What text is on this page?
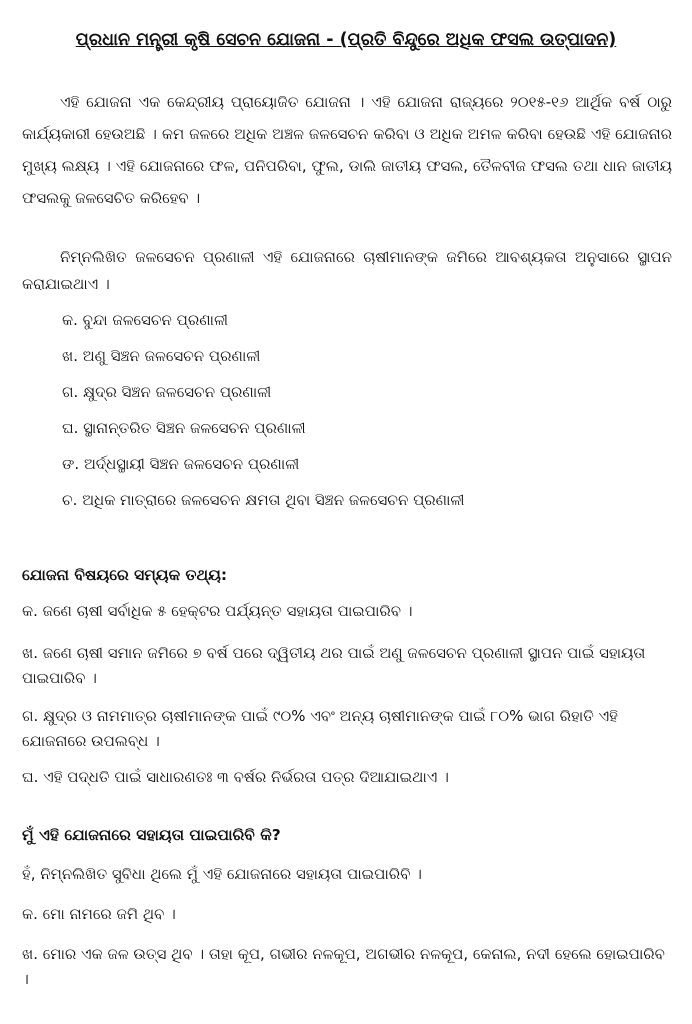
ପ୍ରଧାନ ମନ୍ତ୍ରୀ କୃଷି ସେଚନ ଯୋଜନା - (ପ୍ରତି ବିନ୍ଦୁରେ ଅଧିକ ଫସଲ ଉତ୍ପାଦନ)
ଏହି ଯୋଜନା ଏକ କେନ୍ଦ୍ରୀୟ ପ୍ରାୟୋଜିତ ଯୋଜନା । ଏହି ଯୋଜନା ରାଜ୍ୟରେ ୨୦୧୫-୧୬ ଆର୍ଥିକ ବର୍ଷ ଠାରୁ କାର୍ଯ୍ୟକାରୀ ହେଉଅଛି । କମ ଜଳରେ ଅଧିକ ଅଞ୍ଚଳ ଜଳସେଚନ କରିବା ଓ ଅଧିକ ଅମଳ କରିବା ହେଉଛି ଏହି ଯୋଜନାର ମୁଖ୍ୟ ଲକ୍ଷ୍ୟ । ଏହି ଯୋଜନାରେ ଫଳ, ପନିପରିବା, ଫୁଲ, ଡାଲି ଜାତୀୟ ଫସଲ, ତୈଳବୀଜ ଫସଲ ତଥା ଧାନ ଜାତୀୟ ଫସଲକୁ ଜଳସେଚିତ କରିହେବ ।
ନିମ୍ନଲିଖିତ ଜଳସେଚନ ପ୍ରଣାଳୀ ଏହି ଯୋଜନାରେ ଚାଷୀମାନଙ୍କ ଜମିରେ ଆବଶ୍ୟକତା ଅନୁସାରେ ସ୍ଥାପନ କରାଯାଇଥାଏ ।
କ. ବୁନ୍ଦା ଜଳସେଚନ ପ୍ରଣାଳୀ
ଖ. ଅଣୁ ସିଞ୍ଚନ ଜଳସେଚନ ପ୍ରଣାଳୀ
ଗ. କ୍ଷୁଦ୍ର ସିଞ୍ଚନ ଜଳସେଚନ ପ୍ରଣାଳୀ
ଘ. ସ୍ଥାନାନ୍ତରିତ ସିଞ୍ଚନ ଜଳସେଚନ ପ୍ରଣାଳୀ
ଙ. ଅର୍ଦ୍ଧସ୍ଥାୟୀ ସିଞ୍ଚନ ଜଳସେଚନ ପ୍ରଣାଳୀ
ଚ. ଅଧିକ ମାତ୍ରାରେ ଜଳସେଚନ କ୍ଷମତା ଥିବା ସିଞ୍ଚନ ଜଳସେଚନ ପ୍ରଣାଳୀ
ଯୋଜନା ବିଷୟରେ ସମ୍ୟକ ତଥ୍ୟ:
କ. ଜଣେ ଚାଷୀ ସର୍ବାଧିକ ୫ ହେକ୍ଟର ପର୍ଯ୍ୟନ୍ତ ସହାୟତା ପାଇପାରିବ ।
ଖ. ଜଣେ ଚାଷୀ ସମାନ ଜମିରେ ୭ ବର୍ଷ ପରେ ଦ୍ୱିତୀୟ ଥର ପାଇଁ ଅଣୁ ଜଳସେଚନ ପ୍ରଣାଳୀ ସ୍ଥାପନ ପାଇଁ ସହାୟତା ପାଇପାରିବ ।
ଗ. କ୍ଷୁଦ୍ର ଓ ନାମମାତ୍ର ଚାଷୀମାନଙ୍କ ପାଇଁ ୯୦% ଏବଂ ଅନ୍ୟ ଚାଷୀମାନଙ୍କ ପାଇଁ ୮୦% ଭାଗ ରିହାତି ଏହି ଯୋଜନାରେ ଉପଲବ୍ଧ ।
ଘ. ଏହି ପଦ୍ଧତି ପାଇଁ ସାଧାରଣତଃ ୩ ବର୍ଷର ନିର୍ଭରତା ପତ୍ର ଦିଆଯାଇଥାଏ ।
ମୁଁ ଏହି ଯୋଜନାରେ ସହାୟତା ପାଇପାରିବି କି?
ହଁ, ନିମ୍ନଲିଖିତ ସୁବିଧା ଥିଲେ ମୁଁ ଏହି ଯୋଜନାରେ ସହାୟତା ପାଇପାରିବି ।
କ. ମୋ ନାମରେ ଜମି ଥିବ ।
ଖ. ମୋର ଏକ ଜଳ ଉତ୍ସ ଥିବ । ତାହା କୂପ, ଗଭୀର ନଳକୂପ, ଅଗଭୀର ନଳକୂପ, କେନାଲ, ନଦୀ ହେଲେ ହୋଇପାରିବ ।
